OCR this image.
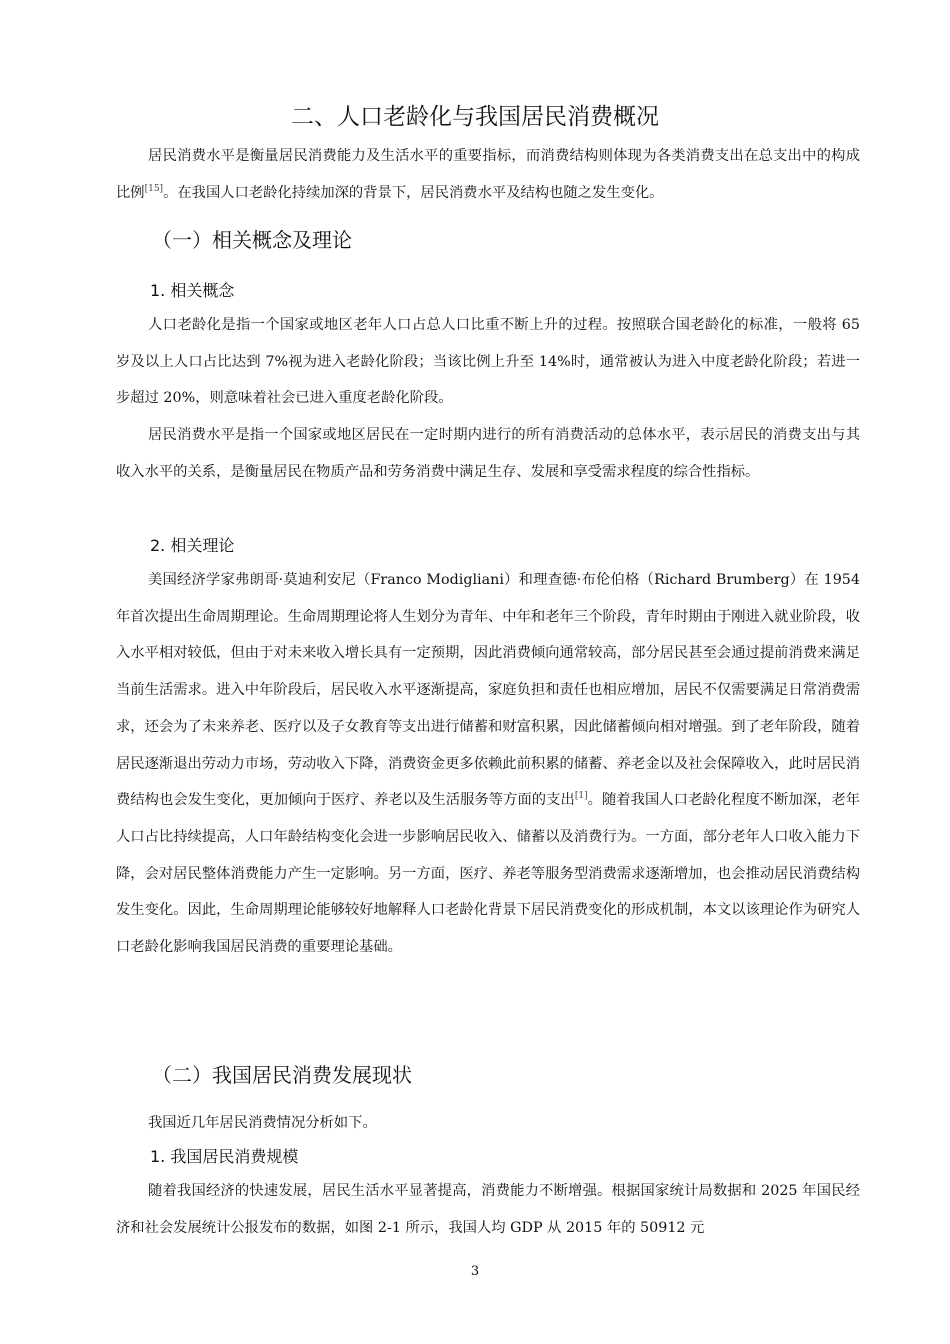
二、人口老龄化与我国居民消费概况

居民消费水平是衡量居民消费能力及生活水平的重要指标，而消费结构则体现为各类消费支出在总支出中的构成比例[15]。在我国人口老龄化持续加深的背景下，居民消费水平及结构也随之发生变化。

（一）相关概念及理论
1. 相关概念

人口老龄化是指一个国家或地区老年人口占总人口比重不断上升的过程。按照联合国老龄化的标准，一般将 65 岁及以上人口占比达到 7%视为进入老龄化阶段；当该比例上升至 14%时，通常被认为进入中度老龄化阶段；若进一步超过 20%，则意味着社会已进入重度老龄化阶段。

居民消费水平是指一个国家或地区居民在一定时期内进行的所有消费活动的总体水平，表示居民的消费支出与其收入水平的关系，是衡量居民在物质产品和劳务消费中满足生存、发展和享受需求程度的综合性指标。

2. 相关理论

美国经济学家弗朗哥·莫迪利安尼（Franco Modigliani）和理查德·布伦伯格（Richard Brumberg）在 1954 年首次提出生命周期理论。生命周期理论将人生划分为青年、中年和老年三个阶段，青年时期由于刚进入就业阶段，收入水平相对较低，但由于对未来收入增长具有一定预期，因此消费倾向通常较高，部分居民甚至会通过提前消费来满足当前生活需求。进入中年阶段后，居民收入水平逐渐提高，家庭负担和责任也相应增加，居民不仅需要满足日常消费需求，还会为了未来养老、医疗以及子女教育等支出进行储蓄和财富积累，因此储蓄倾向相对增强。到了老年阶段，随着居民逐渐退出劳动力市场，劳动收入下降，消费资金更多依赖此前积累的储蓄、养老金以及社会保障收入，此时居民消费结构也会发生变化，更加倾向于医疗、养老以及生活服务等方面的支出[1]。随着我国人口老龄化程度不断加深，老年人口占比持续提高，人口年龄结构变化会进一步影响居民收入、储蓄以及消费行为。一方面，部分老年人口收入能力下降，会对居民整体消费能力产生一定影响。另一方面，医疗、养老等服务型消费需求逐渐增加，也会推动居民消费结构发生变化。因此，生命周期理论能够较好地解释人口老龄化背景下居民消费变化的形成机制，本文以该理论作为研究人口老龄化影响我国居民消费的重要理论基础。

（二）我国居民消费发展现状

我国近几年居民消费情况分析如下。

1. 我国居民消费规模

随着我国经济的快速发展，居民生活水平显著提高，消费能力不断增强。根据国家统计局数据和 2025 年国民经济和社会发展统计公报发布的数据，如图 2-1 所示，我国人均 GDP 从 2015 年的 50912 元

3
